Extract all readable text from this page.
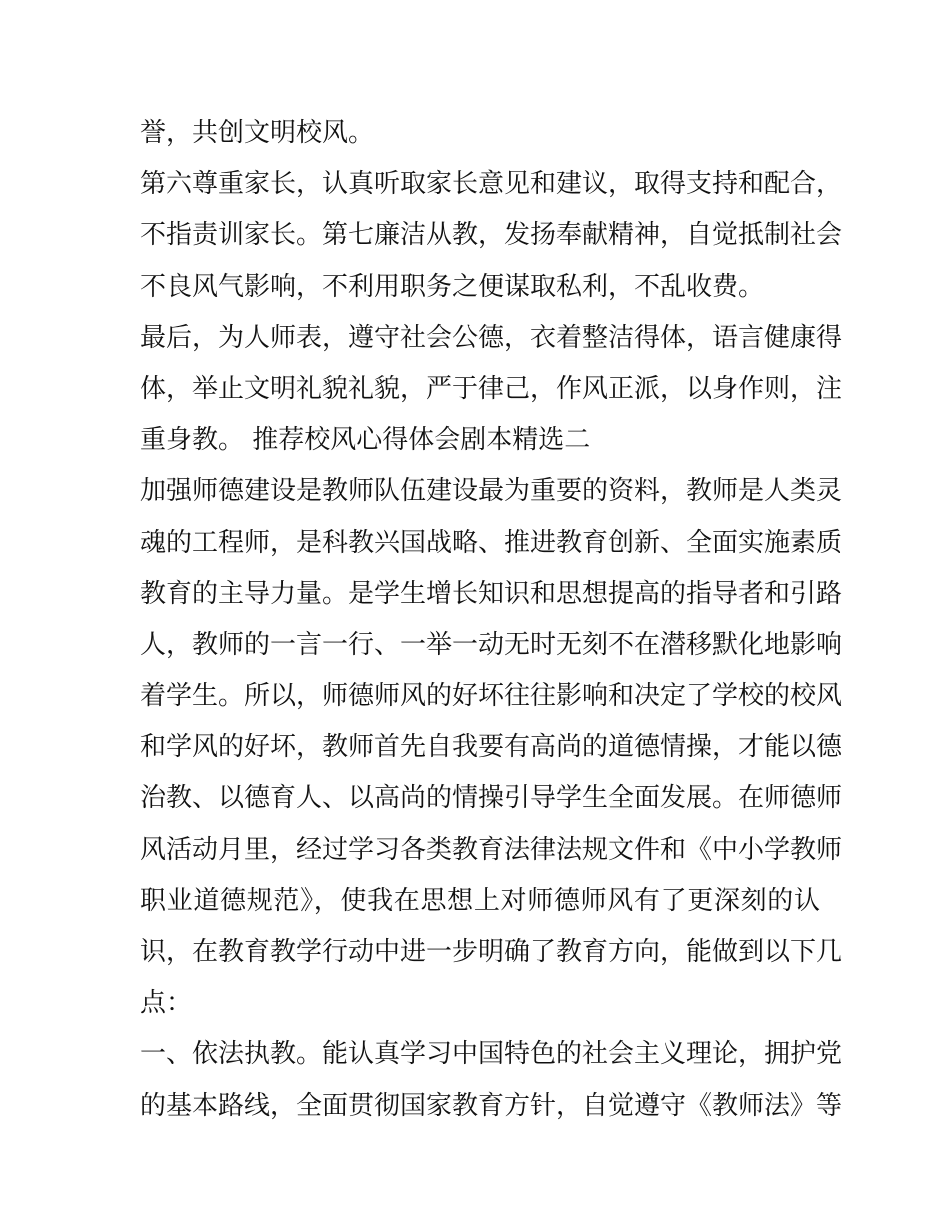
誉，共创文明校风。
第六尊重家长，认真听取家长意见和建议，取得支持和配合，
不指责训家长。第七廉洁从教，发扬奉献精神，自觉抵制社会
不良风气影响，不利用职务之便谋取私利，不乱收费。
最后，为人师表，遵守社会公德，衣着整洁得体，语言健康得
体，举止文明礼貌礼貌，严于律己，作风正派，以身作则，注
重身教。 推荐校风心得体会剧本精选二
加强师德建设是教师队伍建设最为重要的资料，教师是人类灵
魂的工程师，是科教兴国战略、推进教育创新、全面实施素质
教育的主导力量。是学生增长知识和思想提高的指导者和引路
人，教师的一言一行、一举一动无时无刻不在潜移默化地影响
着学生。所以，师德师风的好坏往往影响和决定了学校的校风
和学风的好坏，教师首先自我要有高尚的道德情操，才能以德
治教、以德育人、以高尚的情操引导学生全面发展。在师德师
风活动月里，经过学习各类教育法律法规文件和《中小学教师
职业道德规范》，使我在思想上对师德师风有了更深刻的认
识，在教育教学行动中进一步明确了教育方向，能做到以下几
点：
一、依法执教。能认真学习中国特色的社会主义理论，拥护党
的基本路线，全面贯彻国家教育方针，自觉遵守《教师法》等
